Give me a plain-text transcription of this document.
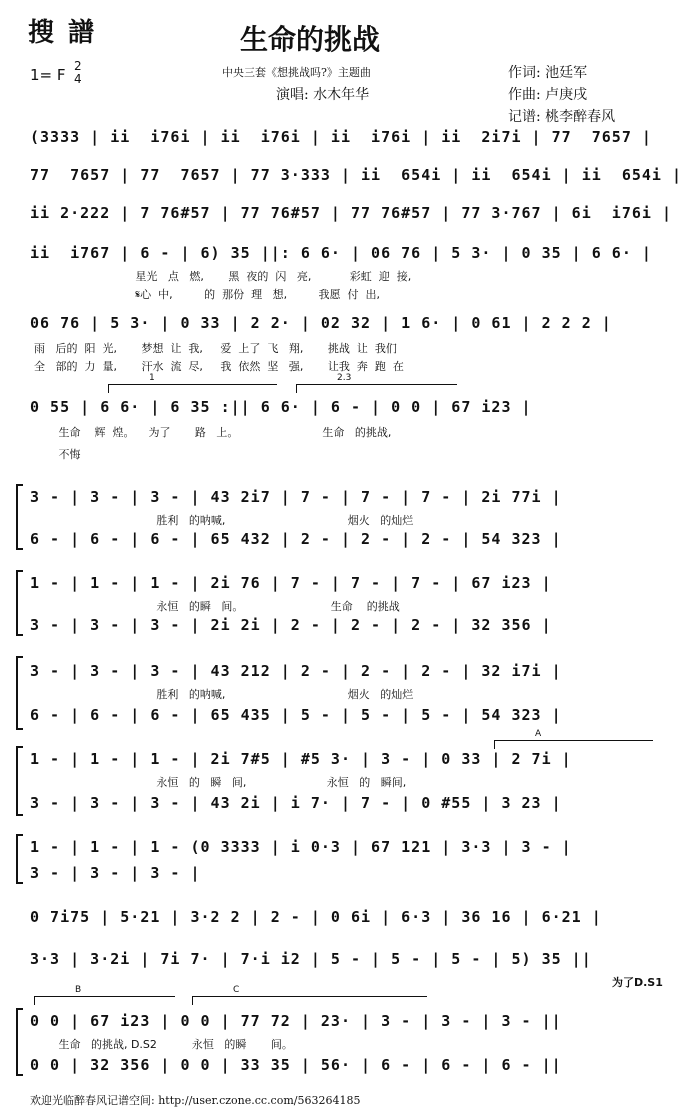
搜譜	生命的挑战
1= F 2
4	中央三套《想挑战吗?》主题曲
演唱: 水木年华
作词: 池廷军
作曲: 卢庚戌
记谱: 桃李醉春风
(3333 | ii  i76i | ii  i76i | ii  i76i | ii  2i7i | 77  7657 |
77  7657 | 77  7657 | 77 3·333 | ii  654i | ii  654i | ii  654i |
ii 2·222 | 7 76#57 | 77 76#57 | 77 76#57 | 77 3·767 | 6i  i76i |
ii  i767 | 6 - | 6) 35 ||: 6 6· | 06 76 | 5 3· | 0 35 | 6 6· |
星光   点   燃,       黑  夜的  闪   亮,           彩虹  迎  接,
𝄋心  中,         的  那份  理   想,         我愿  付  出,
06 76 | 5 3· | 0 33 | 2 2· | 02 32 | 1 6· | 0 61 | 2 2 2 |
雨   后的  阳  光,       梦想  让  我,     爱  上了  飞   翔,       挑战  让  我们
全   部的  力  量,       汗水  流  尽,     我  依然  坚   强,       让我  奔  跑  在
1	2.3
0 55 | 6 6· | 6 35 :|| 6 6· | 6 - | 0 0 | 67 i23 |
生命    辉  煌。    为了       路   上。                        生命   的挑战,
不悔
3 - | 3 - | 3 - | 43 2i7 | 7 - | 7 - | 7 - | 2i 77i |
胜利   的呐喊,                                   烟火   的灿烂
6 - | 6 - | 6 - | 65 432 | 2 - | 2 - | 2 - | 54 323 |
1 - | 1 - | 1 - | 2i 76 | 7 - | 7 - | 7 - | 67 i23 |
永恒   的瞬   间。                         生命    的挑战
3 - | 3 - | 3 - | 2i 2i | 2 - | 2 - | 2 - | 32 356 |
3 - | 3 - | 3 - | 43 212 | 2 - | 2 - | 2 - | 32 i7i |
胜利   的呐喊,                                   烟火   的灿烂
6 - | 6 - | 6 - | 65 435 | 5 - | 5 - | 5 - | 54 323 |
A
1 - | 1 - | 1 - | 2i 7#5 | #5 3· | 3 - | 0 33 | 2 7i |
永恒   的   瞬   间,                       永恒   的   瞬间,
3 - | 3 - | 3 - | 43 2i | i 7· | 7 - | 0 #55 | 3 23 |
1 - | 1 - | 1 - (0 3333 | i 0·3 | 67 121 | 3·3 | 3 - |
3 - | 3 - | 3 - |
0 7i75 | 5·21 | 3·2 2 | 2 - | 0 6i | 6·3 | 36 16 | 6·21 |
3·3 | 3·2i | 7i 7· | 7·i i2 | 5 - | 5 - | 5 - | 5) 35 ||
为了D.S1
B	C
0 0 | 67 i23 | 0 0 | 77 72 | 23· | 3 - | 3 - | 3 - ||
生命   的挑战, D.S2          永恒   的瞬       间。
0 0 | 32 356 | 0 0 | 33 35 | 56· | 6 - | 6 - | 6 - ||
欢迎光临醉春风记谱空间: http://user.czone.cc.com/563264185
